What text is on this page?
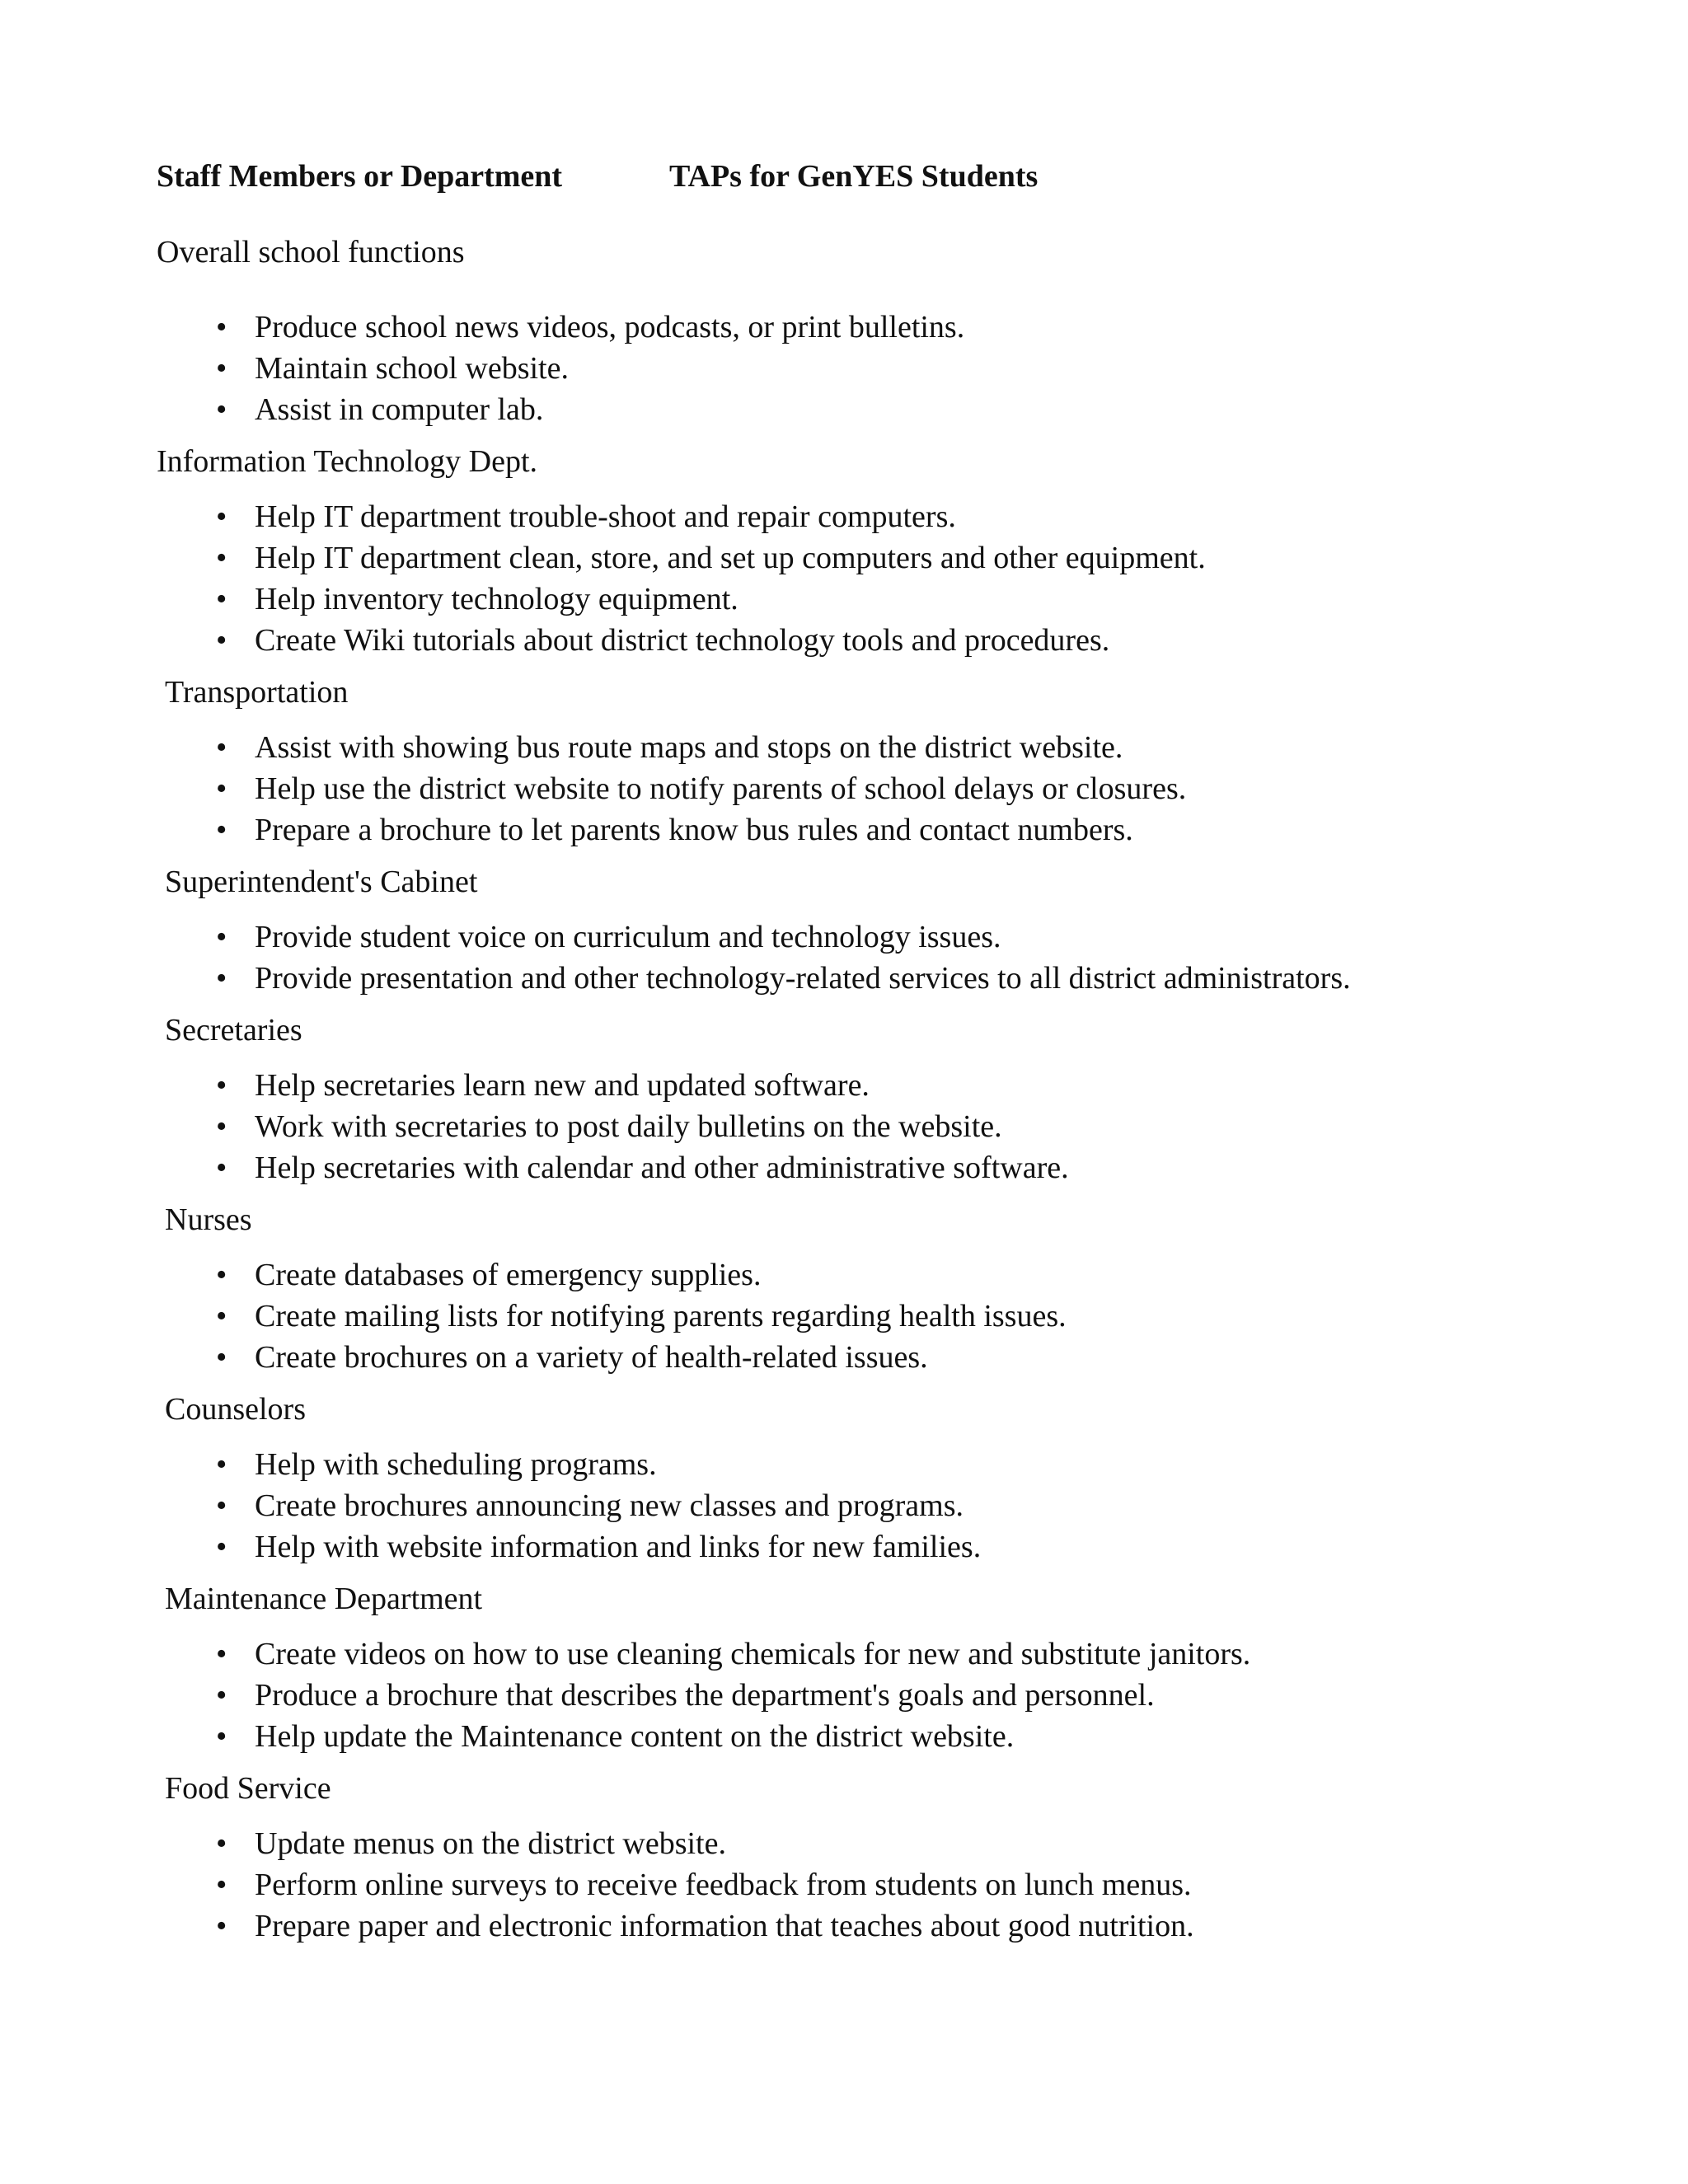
Staff Members or Department	TAPs for GenYES Students
Overall school functions
• Produce school news videos, podcasts, or print bulletins.
• Maintain school website.
• Assist in computer lab.
Information Technology Dept.
• Help IT department trouble-shoot and repair computers.
• Help IT department clean, store, and set up computers and other equipment.
• Help inventory technology equipment.
• Create Wiki tutorials about district technology tools and procedures.
Transportation
• Assist with showing bus route maps and stops on the district website.
• Help use the district website to notify parents of school delays or closures.
• Prepare a brochure to let parents know bus rules and contact numbers.
Superintendent's Cabinet
• Provide student voice on curriculum and technology issues.
• Provide presentation and other technology-related services to all district administrators.
Secretaries
• Help secretaries learn new and updated software.
• Work with secretaries to post daily bulletins on the website.
• Help secretaries with calendar and other administrative software.
Nurses
• Create databases of emergency supplies.
• Create mailing lists for notifying parents regarding health issues.
• Create brochures on a variety of health-related issues.
Counselors
• Help with scheduling programs.
• Create brochures announcing new classes and programs.
• Help with website information and links for new families.
Maintenance Department
• Create videos on how to use cleaning chemicals for new and substitute janitors.
• Produce a brochure that describes the department's goals and personnel.
• Help update the Maintenance content on the district website.
Food Service
• Update menus on the district website.
• Perform online surveys to receive feedback from students on lunch menus.
• Prepare paper and electronic information that teaches about good nutrition.
